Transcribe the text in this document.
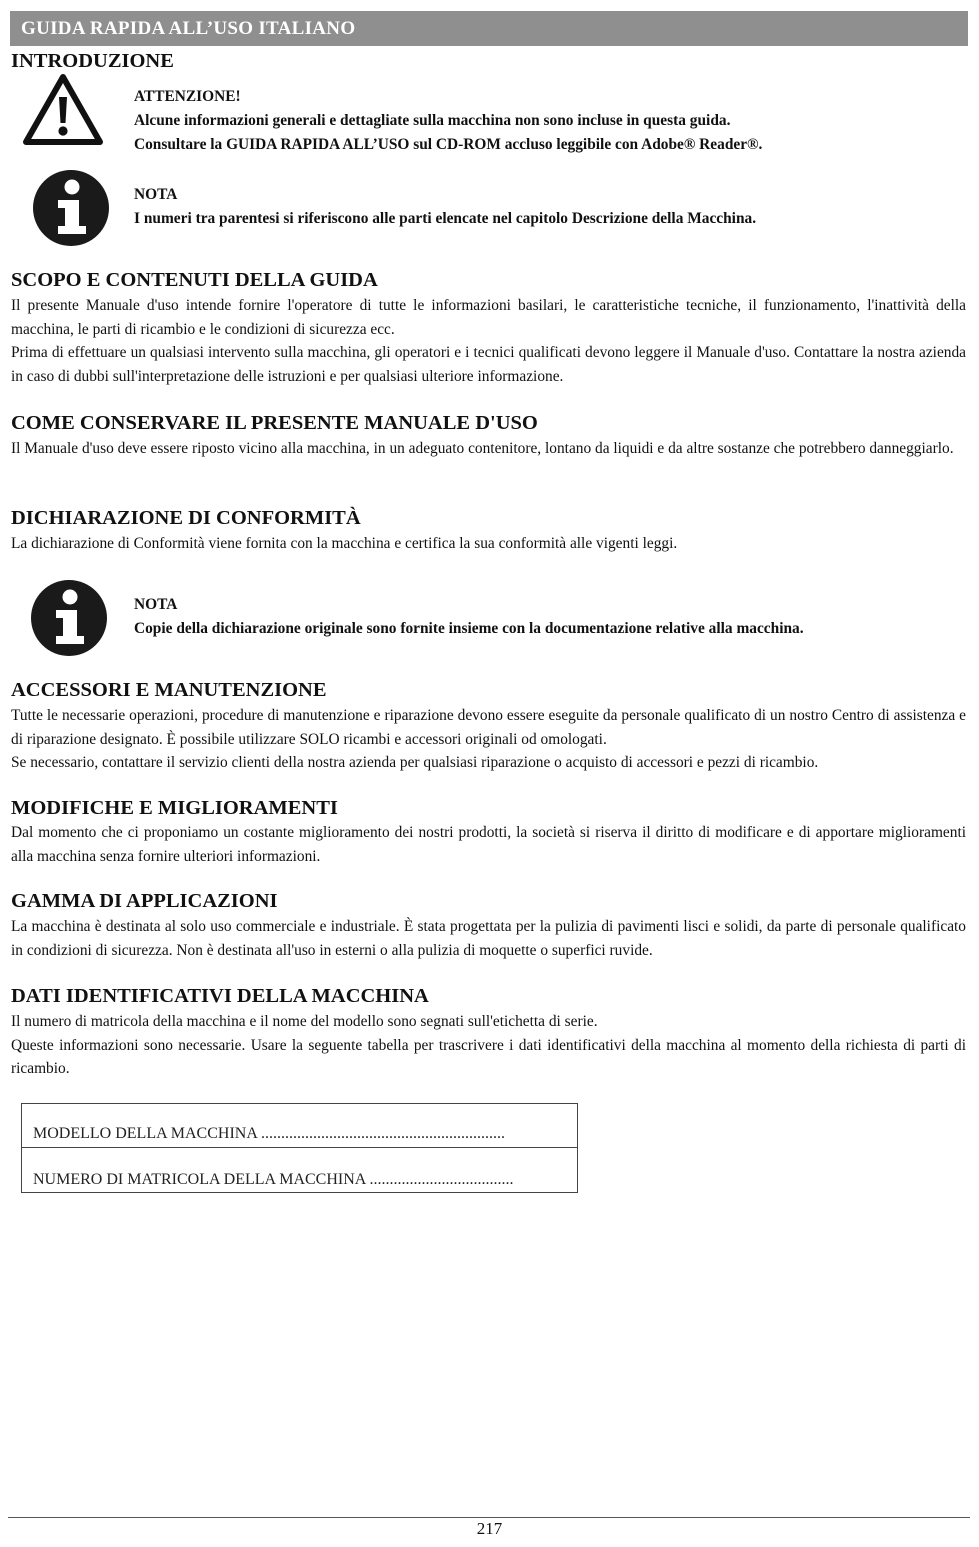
GUIDA RAPIDA ALL’USO ITALIANO
INTRODUZIONE
ATTENZIONE!
Alcune informazioni generali e dettagliate sulla macchina non sono incluse in questa guida.
Consultare la GUIDA RAPIDA ALL’USO sul CD-ROM accluso leggibile con Adobe® Reader®.
NOTA
I numeri tra parentesi si riferiscono alle parti elencate nel capitolo Descrizione della Macchina.
SCOPO E CONTENUTI DELLA GUIDA

Il presente Manuale d'uso intende fornire l'operatore di tutte le informazioni basilari, le caratteristiche tecniche, il funzionamento, l'inattività della macchina, le parti di ricambio e le condizioni di sicurezza ecc.
Prima di effettuare un qualsiasi intervento sulla macchina, gli operatori e i tecnici qualificati devono leggere il Manuale d'uso. Contattare la nostra azienda in caso di dubbi sull'interpretazione delle istruzioni e per qualsiasi ulteriore informazione.

COME CONSERVARE IL PRESENTE MANUALE D'USO

Il Manuale d'uso deve essere riposto vicino alla macchina, in un adeguato contenitore, lontano da liquidi e da altre sostanze che potrebbero danneggiarlo.

DICHIARAZIONE DI CONFORMITÀ

La dichiarazione di Conformità viene fornita con la macchina e certifica la sua conformità alle vigenti leggi.

NOTA
Copie della dichiarazione originale sono fornite insieme con la documentazione relative alla macchina.
ACCESSORI E MANUTENZIONE

Tutte le necessarie operazioni, procedure di manutenzione e riparazione devono essere eseguite da personale qualificato di un nostro Centro di assistenza e di riparazione designato. È possibile utilizzare SOLO ricambi e accessori originali od omologati.
Se necessario, contattare il servizio clienti della nostra azienda per qualsiasi riparazione o acquisto di accessori e pezzi di ricambio.

MODIFICHE E MIGLIORAMENTI

Dal momento che ci proponiamo un costante miglioramento dei nostri prodotti, la società si riserva il diritto di modificare e di apportare miglioramenti alla macchina senza fornire ulteriori informazioni.

GAMMA DI APPLICAZIONI

La macchina è destinata al solo uso commerciale e industriale. È stata progettata per la pulizia di pavimenti lisci e solidi, da parte di personale qualificato in condizioni di sicurezza. Non è destinata all'uso in esterni o alla pulizia di moquette o superfici ruvide.

DATI IDENTIFICATIVI DELLA MACCHINA

Il numero di matricola della macchina e il nome del modello sono segnati sull'etichetta di serie.
Queste informazioni sono necessarie. Usare la seguente tabella per trascrivere i dati identificativi della macchina al momento della richiesta di parti di ricambio.

MODELLO DELLA MACCHINA .............................................................
NUMERO DI MATRICOLA DELLA MACCHINA ....................................
217
